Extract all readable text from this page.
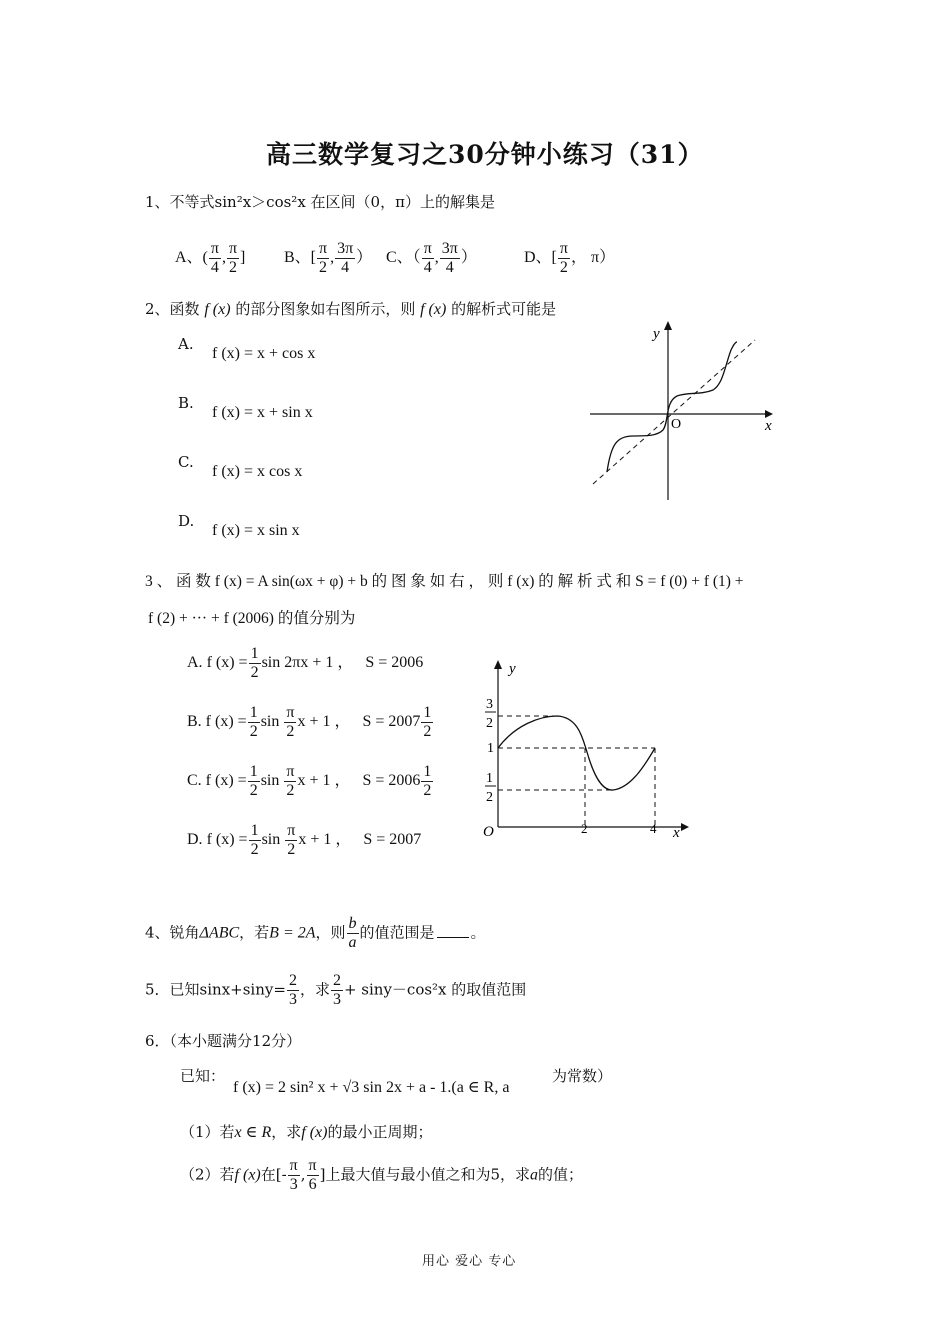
高三数学复习之30分钟小练习（31）
1、不等式sin²x＞cos²x 在区间（0，π）上的解集是
A、( $\frac{\pi}{4}$ , $\frac{\pi}{2}$ ] B、[ $\frac{\pi}{2}$ , $\frac{3\pi}{4}$ ） C、（ $\frac{\pi}{4}$ , $\frac{3\pi}{4}$ ）	D、[ $\frac{\pi}{2}$ ， π）
2、函数 f (x) 的部分图象如右图所示，则 f (x) 的解析式可能是
A.
f (x) = x + cos x
B.
f (x) = x + sin x
C.
f (x) = x cos x
D.
f (x) = x sin x
y
x
O
3 、 函 数 f (x) = A sin(ωx + φ) + b 的 图 象 如 右 ， 则 f (x) 的 解 析 式 和 S = f (0) + f (1) +
f (2) + ··· + f (2006) 的值分别为
A. f $(x) = \frac{1}{2}$ sin 2πx + 1 ， S = 2006
B. f $(x) = \frac{1}{2}$ $\sin \frac{\pi}{2}$ x + 1 ， $S = 2007 \frac{1}{2}$
C. f $(x) = \frac{1}{2}$ $\sin \frac{\pi}{2}$ x + 1 ， $S = 2006 \frac{1}{2}$
D. f $(x) = \frac{1}{2}$ $\sin \frac{\pi}{2}$ x + 1 ， S = 2007
y
x
O
3
2
1
1
2
2	4
4、锐角ΔABC，若B = 2A，则 $\frac{b}{a}$ 的值范围是 。
5．已知$\sin x+\sin y= \frac{2}{3}$ ，求 $\frac{2}{3} + \sin y-\cos^2x$ 的取值范围
6．（本小题满分12分）
已知：
f (x) = 2 sin² x + √3 sin 2x + a - 1.(a ∈ R, a
为常数）
（1）若x ∈ R，求f (x)的最小正周期；
（2）若f (x)在[- $\frac{\pi}{3}$ , $\frac{\pi}{6}$ ]上最大值与最小值之和为5，求a的值；
用心 爱心 专心
